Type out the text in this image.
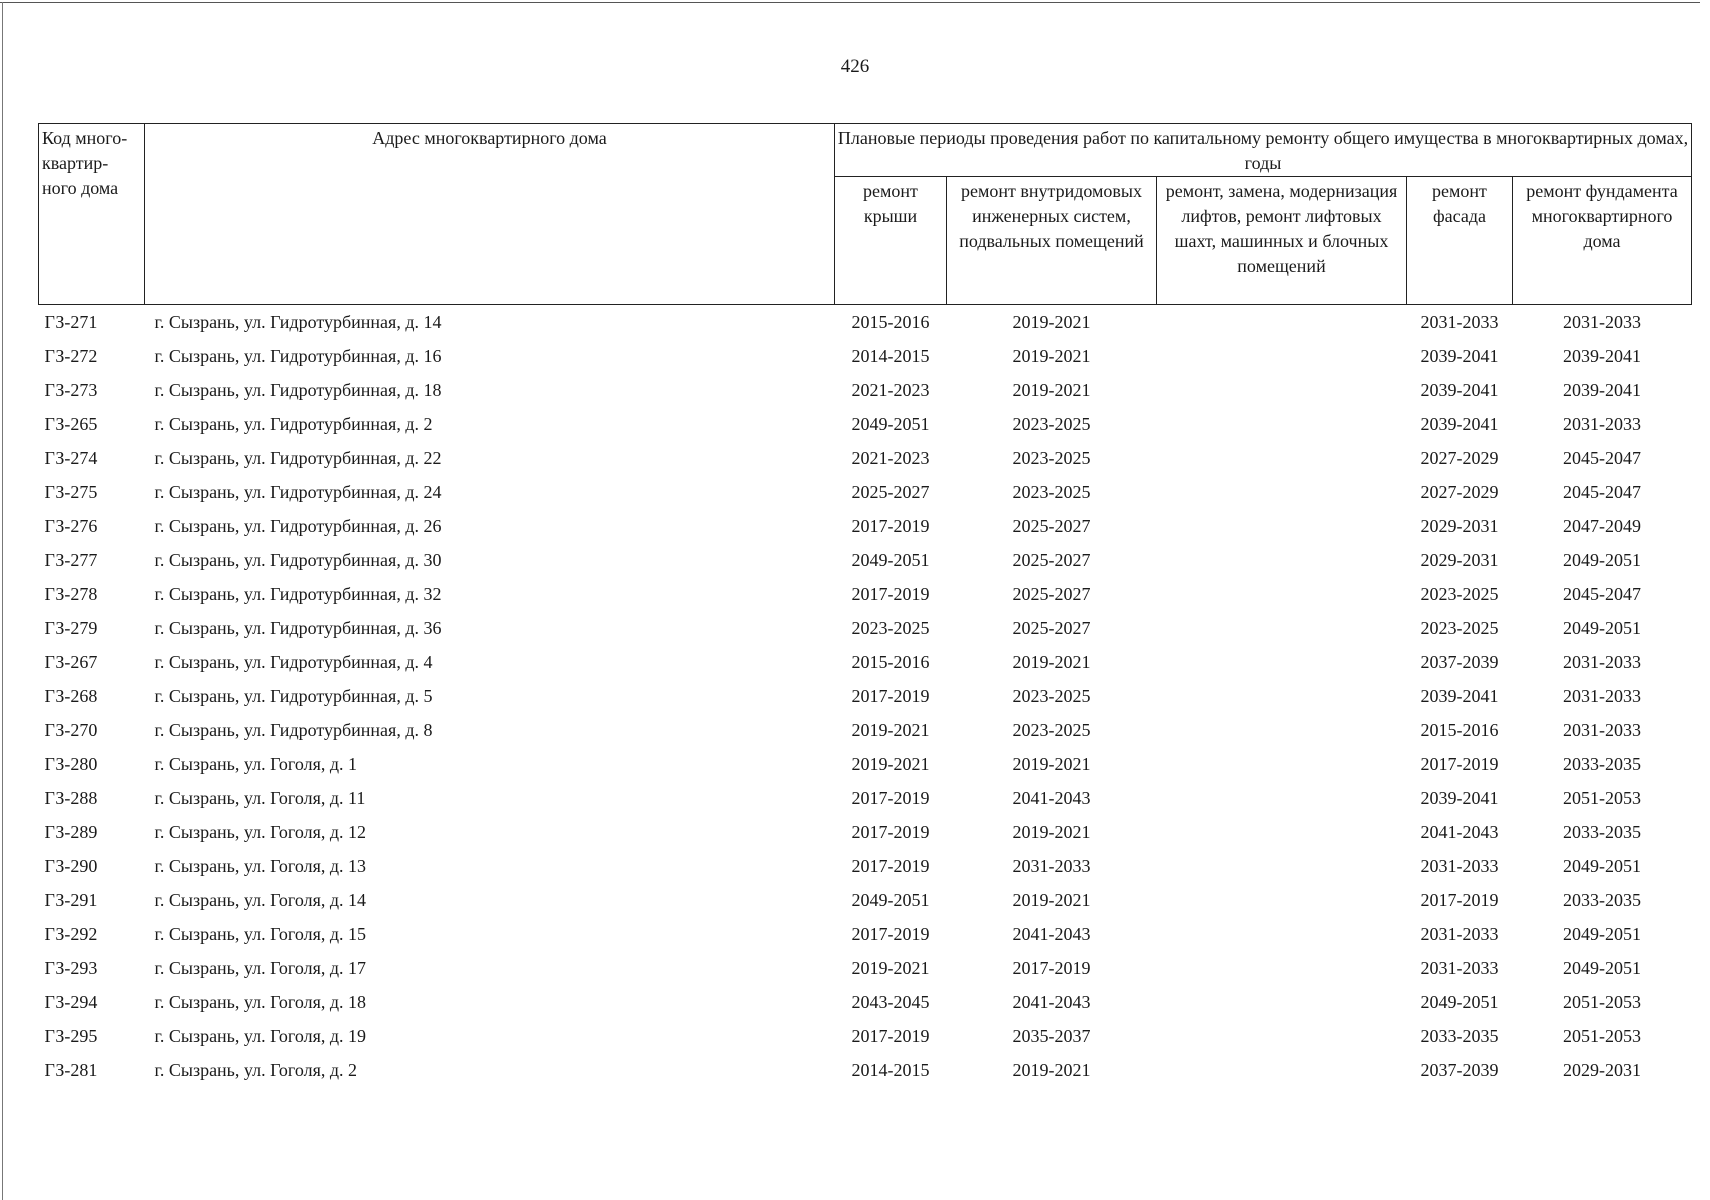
426
Код много-квартир-ного дома	Адрес многоквартирного дома	Плановые периоды проведения работ по капитальному ремонту общего имущества в многоквартирных домах, годы				
		ремонт крыши	ремонт внутридомовых инженерных систем, подвальных помещений	ремонт, замена, модернизация лифтов, ремонт лифтовых шахт, машинных и блочных помещений	ремонт фасада	ремонт фундамента многоквартирного дома
ГЗ-271	г. Сызрань, ул. Гидротурбинная, д. 14	2015-2016	2019-2021		2031-2033	2031-2033
ГЗ-272	г. Сызрань, ул. Гидротурбинная, д. 16	2014-2015	2019-2021		2039-2041	2039-2041
ГЗ-273	г. Сызрань, ул. Гидротурбинная, д. 18	2021-2023	2019-2021		2039-2041	2039-2041
ГЗ-265	г. Сызрань, ул. Гидротурбинная, д. 2	2049-2051	2023-2025		2039-2041	2031-2033
ГЗ-274	г. Сызрань, ул. Гидротурбинная, д. 22	2021-2023	2023-2025		2027-2029	2045-2047
ГЗ-275	г. Сызрань, ул. Гидротурбинная, д. 24	2025-2027	2023-2025		2027-2029	2045-2047
ГЗ-276	г. Сызрань, ул. Гидротурбинная, д. 26	2017-2019	2025-2027		2029-2031	2047-2049
ГЗ-277	г. Сызрань, ул. Гидротурбинная, д. 30	2049-2051	2025-2027		2029-2031	2049-2051
ГЗ-278	г. Сызрань, ул. Гидротурбинная, д. 32	2017-2019	2025-2027		2023-2025	2045-2047
ГЗ-279	г. Сызрань, ул. Гидротурбинная, д. 36	2023-2025	2025-2027		2023-2025	2049-2051
ГЗ-267	г. Сызрань, ул. Гидротурбинная, д. 4	2015-2016	2019-2021		2037-2039	2031-2033
ГЗ-268	г. Сызрань, ул. Гидротурбинная, д. 5	2017-2019	2023-2025		2039-2041	2031-2033
ГЗ-270	г. Сызрань, ул. Гидротурбинная, д. 8	2019-2021	2023-2025		2015-2016	2031-2033
ГЗ-280	г. Сызрань, ул. Гоголя, д. 1	2019-2021	2019-2021		2017-2019	2033-2035
ГЗ-288	г. Сызрань, ул. Гоголя, д. 11	2017-2019	2041-2043		2039-2041	2051-2053
ГЗ-289	г. Сызрань, ул. Гоголя, д. 12	2017-2019	2019-2021		2041-2043	2033-2035
ГЗ-290	г. Сызрань, ул. Гоголя, д. 13	2017-2019	2031-2033		2031-2033	2049-2051
ГЗ-291	г. Сызрань, ул. Гоголя, д. 14	2049-2051	2019-2021		2017-2019	2033-2035
ГЗ-292	г. Сызрань, ул. Гоголя, д. 15	2017-2019	2041-2043		2031-2033	2049-2051
ГЗ-293	г. Сызрань, ул. Гоголя, д. 17	2019-2021	2017-2019		2031-2033	2049-2051
ГЗ-294	г. Сызрань, ул. Гоголя, д. 18	2043-2045	2041-2043		2049-2051	2051-2053
ГЗ-295	г. Сызрань, ул. Гоголя, д. 19	2017-2019	2035-2037		2033-2035	2051-2053
ГЗ-281	г. Сызрань, ул. Гоголя, д. 2	2014-2015	2019-2021		2037-2039	2029-2031
